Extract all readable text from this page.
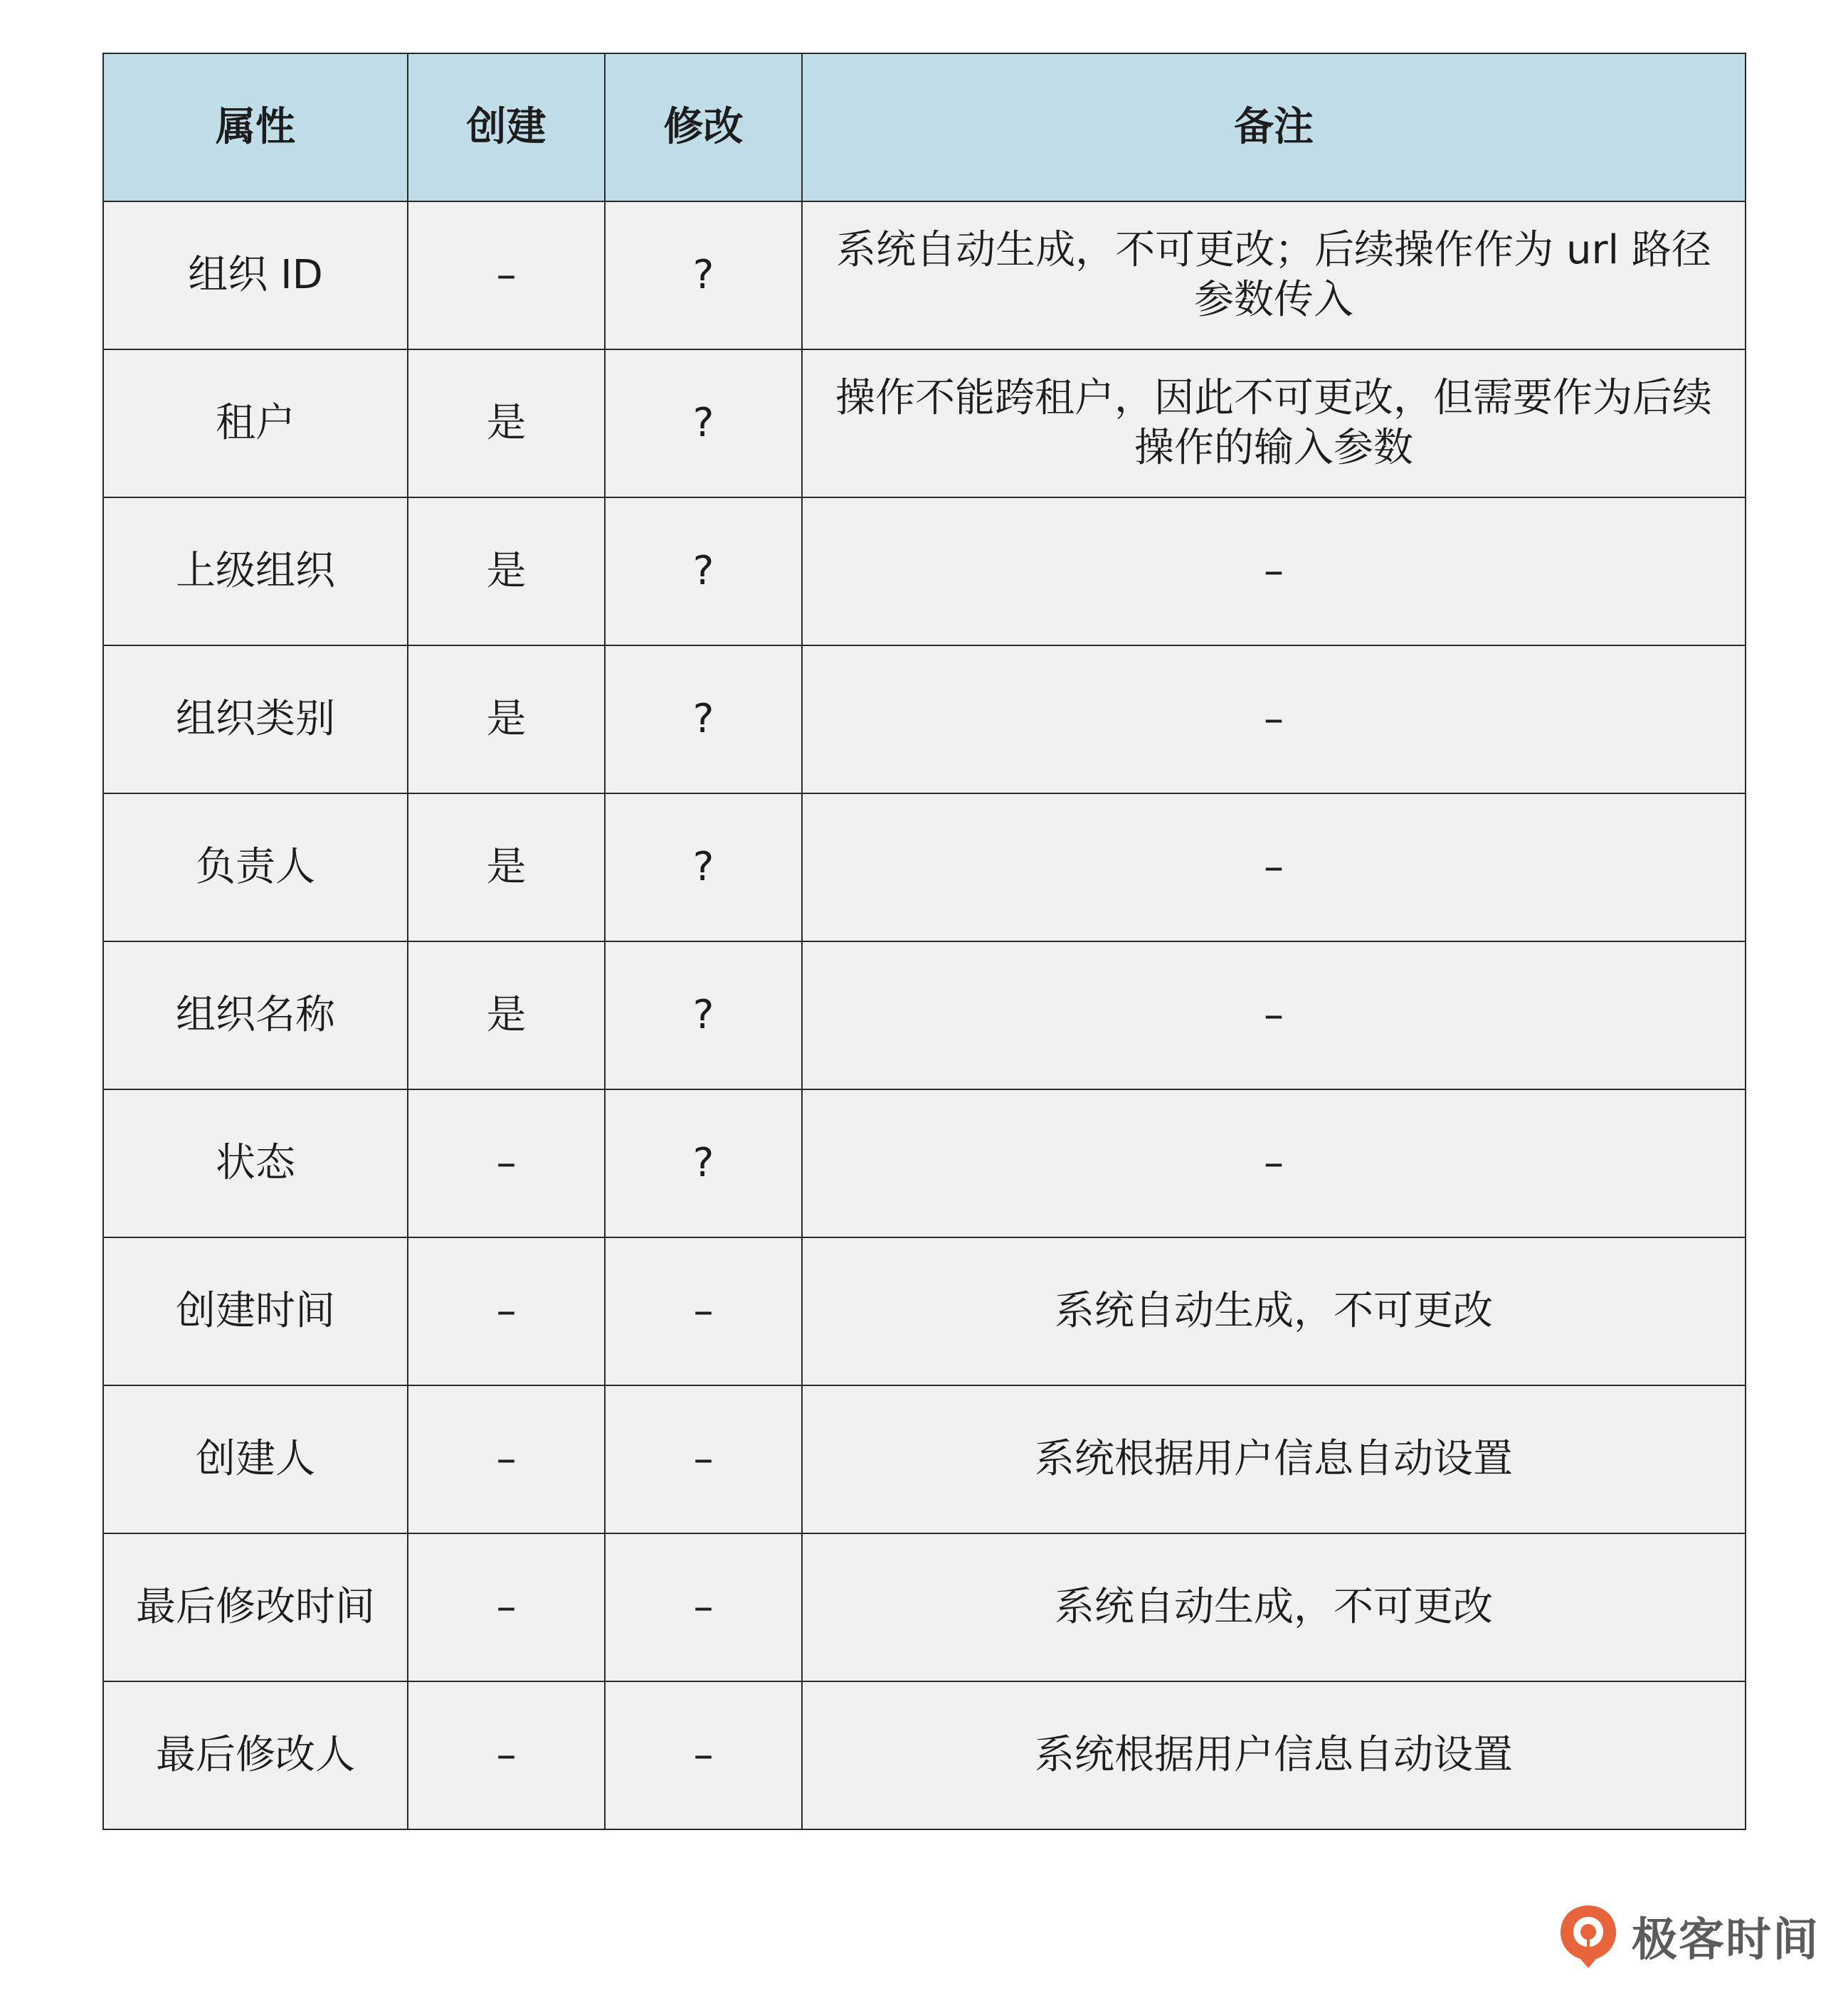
属性	创建	修改	备注
组织 ID	–	?	系统自动生成，不可更改；后续操作作为 url 路径参数传入
租户	是	?	操作不能跨租户，因此不可更改，但需要作为后续操作的输入参数
上级组织	是	?	–
组织类别	是	?	–
负责人	是	?	–
组织名称	是	?	–
状态	–	?	–
创建时间	–	–	系统自动生成，不可更改
创建人	–	–	系统根据用户信息自动设置
最后修改时间	–	–	系统自动生成，不可更改
最后修改人	–	–	系统根据用户信息自动设置
极客时间
